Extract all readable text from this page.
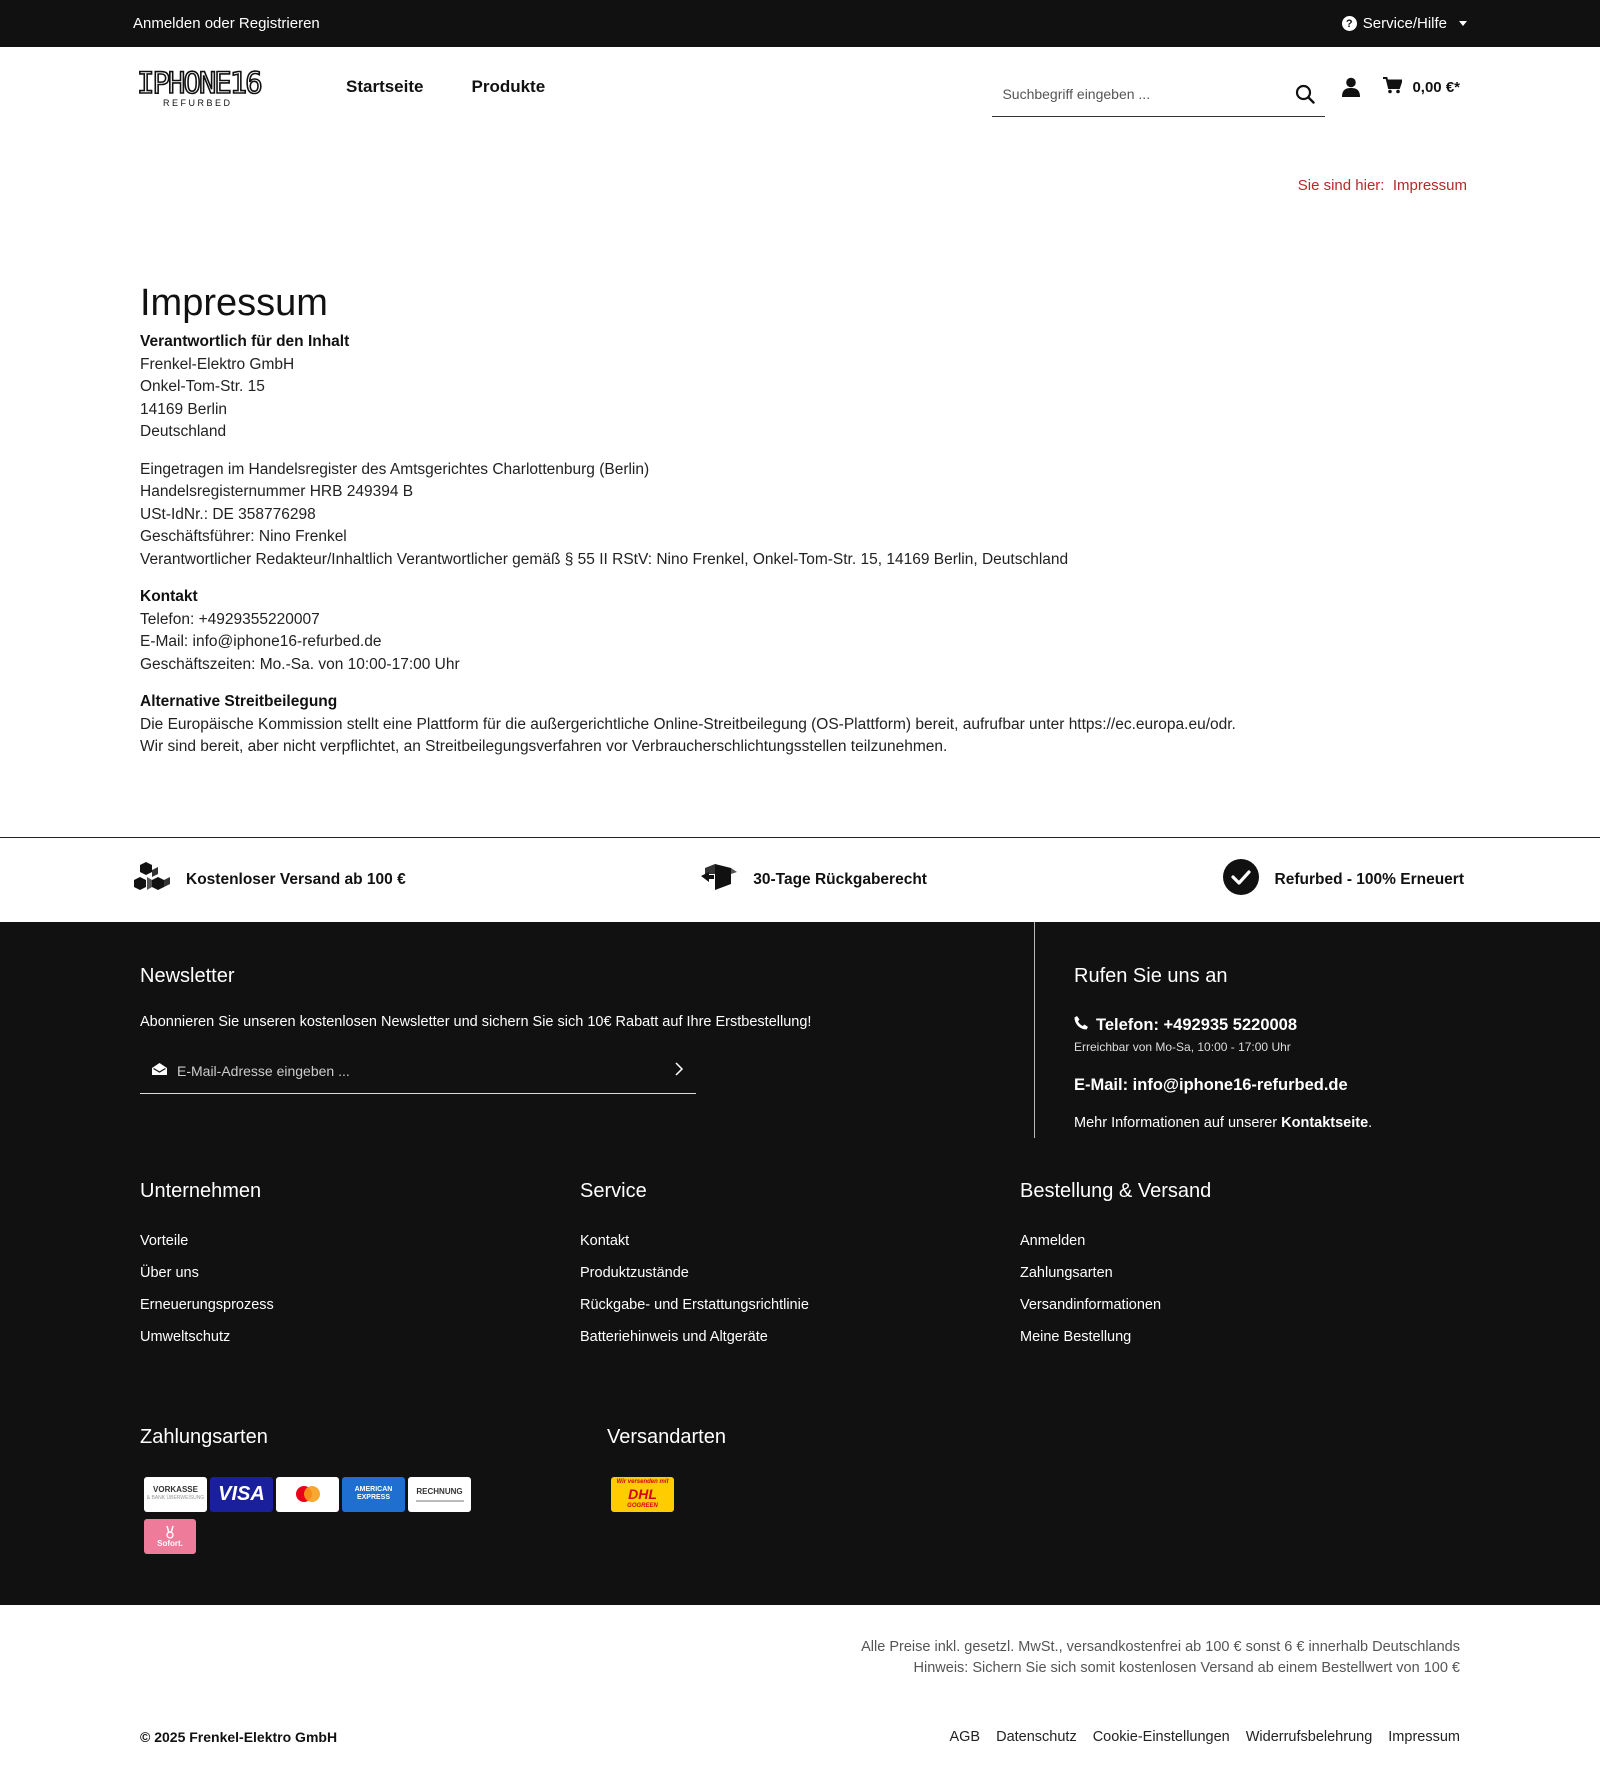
Anmelden oder Registrieren	? Service/Hilfe
IPHONE16
R E F U R B E D
Startseite	Produkte
Suchbegriff eingeben ...	0,00 €*
Sie sind hier: Impressum
Impressum

Verantwortlich für den Inhalt
Frenkel-Elektro GmbH
Onkel-Tom-Str. 15
14169 Berlin
Deutschland

Eingetragen im Handelsregister des Amtsgerichtes Charlottenburg (Berlin)
Handelsregisternummer HRB 249394 B
USt-IdNr.: DE 358776298
Geschäftsführer: Nino Frenkel
Verantwortlicher Redakteur/Inhaltlich Verantwortlicher gemäß § 55 II RStV: Nino Frenkel, Onkel-Tom-Str. 15, 14169 Berlin, Deutschland

Kontakt
Telefon: +4929355220007
E-Mail: info@iphone16-refurbed.de
Geschäftszeiten: Mo.-Sa. von 10:00-17:00 Uhr

Alternative Streitbeilegung
Die Europäische Kommission stellt eine Plattform für die außergerichtliche Online-Streitbeilegung (OS-Plattform) bereit, aufrufbar unter https://ec.europa.eu/odr.
Wir sind bereit, aber nicht verpflichtet, an Streitbeilegungsverfahren vor Verbraucherschlichtungsstellen teilzunehmen.

Kostenloser Versand ab 100 €	30-Tage Rückgaberecht	Refurbed - 100% Erneuert
Newsletter

Abonnieren Sie unseren kostenlosen Newsletter und sichern Sie sich 10€ Rabatt auf Ihre Erstbestellung!

E-Mail-Adresse eingeben ...
Rufen Sie uns an
Telefon: +492935 5220008
Erreichbar von Mo-Sa, 10:00 - 17:00 Uhr
E-Mail: info@iphone16-refurbed.de
Mehr Informationen auf unserer Kontaktseite.
Unternehmen
Vorteile
Über uns
Erneuerungsprozess
Umweltschutz
Service
Kontakt
Produktzustände
Rückgabe- und Erstattungsrichtlinie
Batteriehinweis und Altgeräte
Bestellung & Versand
Anmelden
Zahlungsarten
Versandinformationen
Meine Bestellung
Zahlungsarten
VORKASSE
& BANK ÜBERWEISUNG VISA	AMERICAN EXPRESS
RECHNUNG
Sofort.
Versandarten
Wir versenden mit
DHL
GOGREEN
Alle Preise inkl. gesetzl. MwSt., versandkostenfrei ab 100 € sonst 6 € innerhalb Deutschlands
Hinweis: Sichern Sie sich somit kostenlosen Versand ab einem Bestellwert von 100 €
© 2025 Frenkel-Elektro GmbH	AGB Datenschutz Cookie-Einstellungen Widerrufsbelehrung Impressum
